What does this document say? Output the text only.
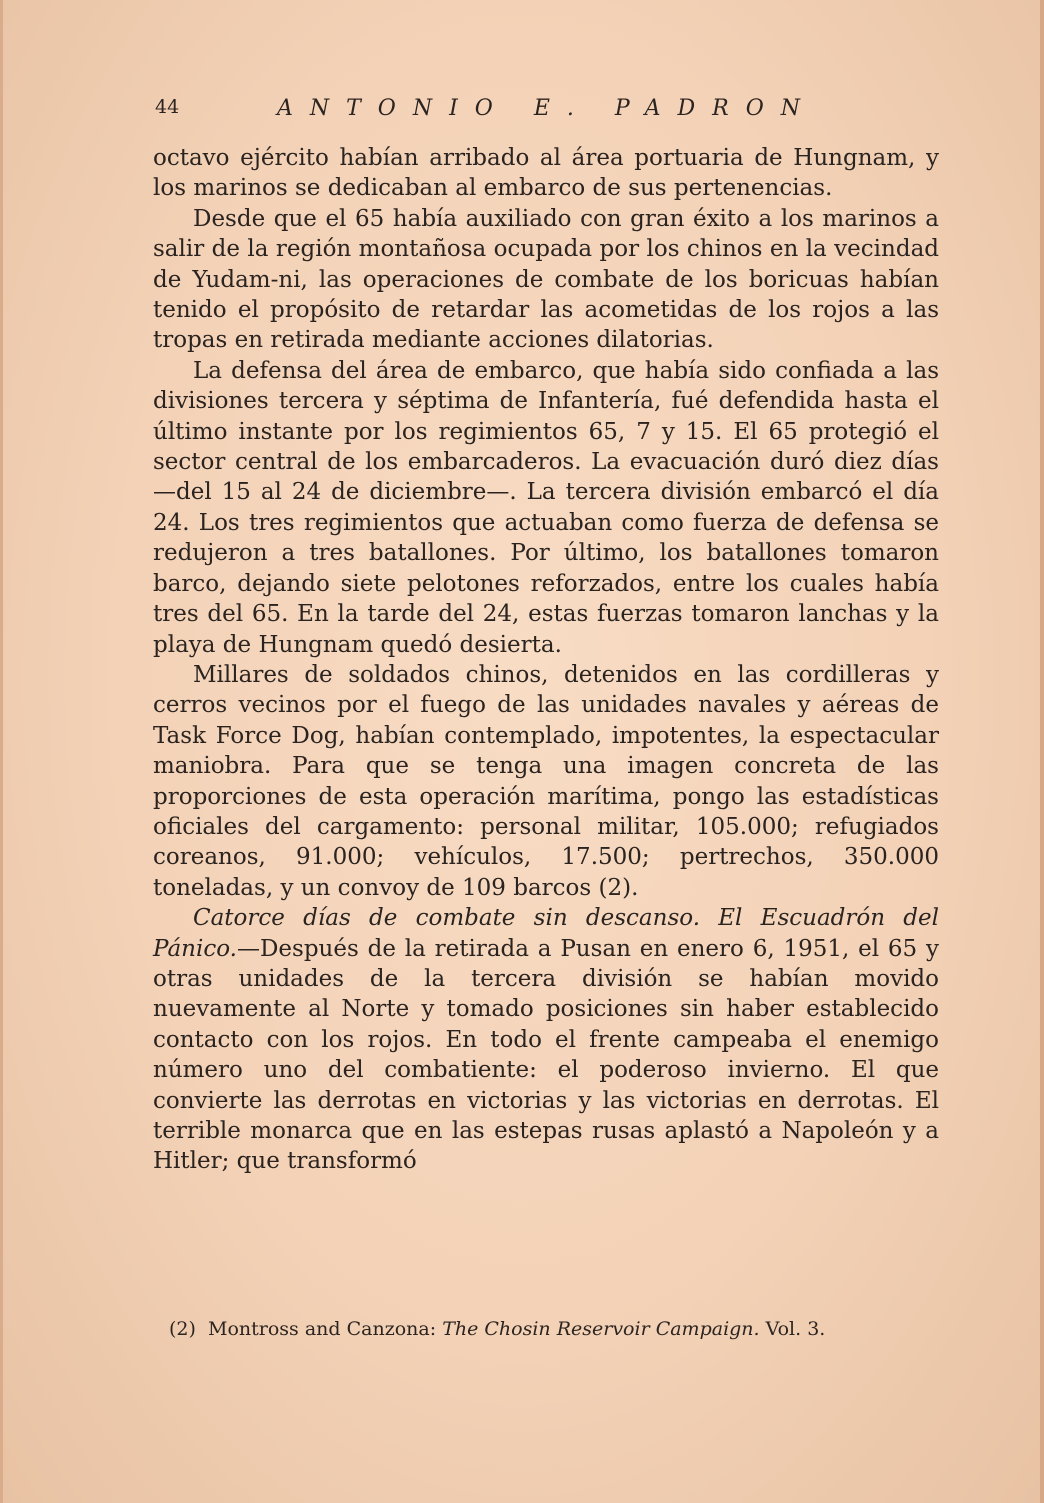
44	ANTONIO E. PADRON

octavo ejército habían arribado al área portuaria de Hungnam, y los marinos se dedicaban al embarco de sus pertenencias.

Desde que el 65 había auxiliado con gran éxito a los marinos a salir de la región montañosa ocupada por los chinos en la vecindad de Yudam-ni, las operaciones de combate de los boricuas habían tenido el propósito de retardar las acometidas de los rojos a las tropas en retirada mediante acciones dilatorias.

La defensa del área de embarco, que había sido confiada a las divisiones tercera y séptima de Infantería, fué defendida hasta el último instante por los regimientos 65, 7 y 15. El 65 protegió el sector central de los embarcaderos. La evacuación duró diez días—del 15 al 24 de diciembre—. La tercera división embarcó el día 24. Los tres regimientos que actuaban como fuerza de defensa se redujeron a tres batallones. Por último, los batallones tomaron barco, dejando siete pelotones reforzados, entre los cuales había tres del 65. En la tarde del 24, estas fuerzas tomaron lanchas y la playa de Hungnam quedó desierta.

Millares de soldados chinos, detenidos en las cordilleras y cerros vecinos por el fuego de las unidades navales y aéreas de Task Force Dog, habían contemplado, impotentes, la espectacular maniobra. Para que se tenga una imagen concreta de las proporciones de esta operación marítima, pongo las estadísticas oficiales del cargamento: personal militar, 105.000; refugiados coreanos, 91.000; vehículos, 17.500; pertrechos, 350.000 toneladas, y un convoy de 109 barcos (2).

Catorce días de combate sin descanso. El Escuadrón del Pánico.—Después de la retirada a Pusan en enero 6, 1951, el 65 y otras unidades de la tercera división se habían movido nuevamente al Norte y tomado posiciones sin haber establecido contacto con los rojos. En todo el frente campeaba el enemigo número uno del combatiente: el poderoso invierno. El que convierte las derrotas en victorias y las victorias en derrotas. El terrible monarca que en las estepas rusas aplastó a Napoleón y a Hitler; que transformó

(2) Montross and Canzona: The Chosin Reservoir Campaign. Vol. 3.
